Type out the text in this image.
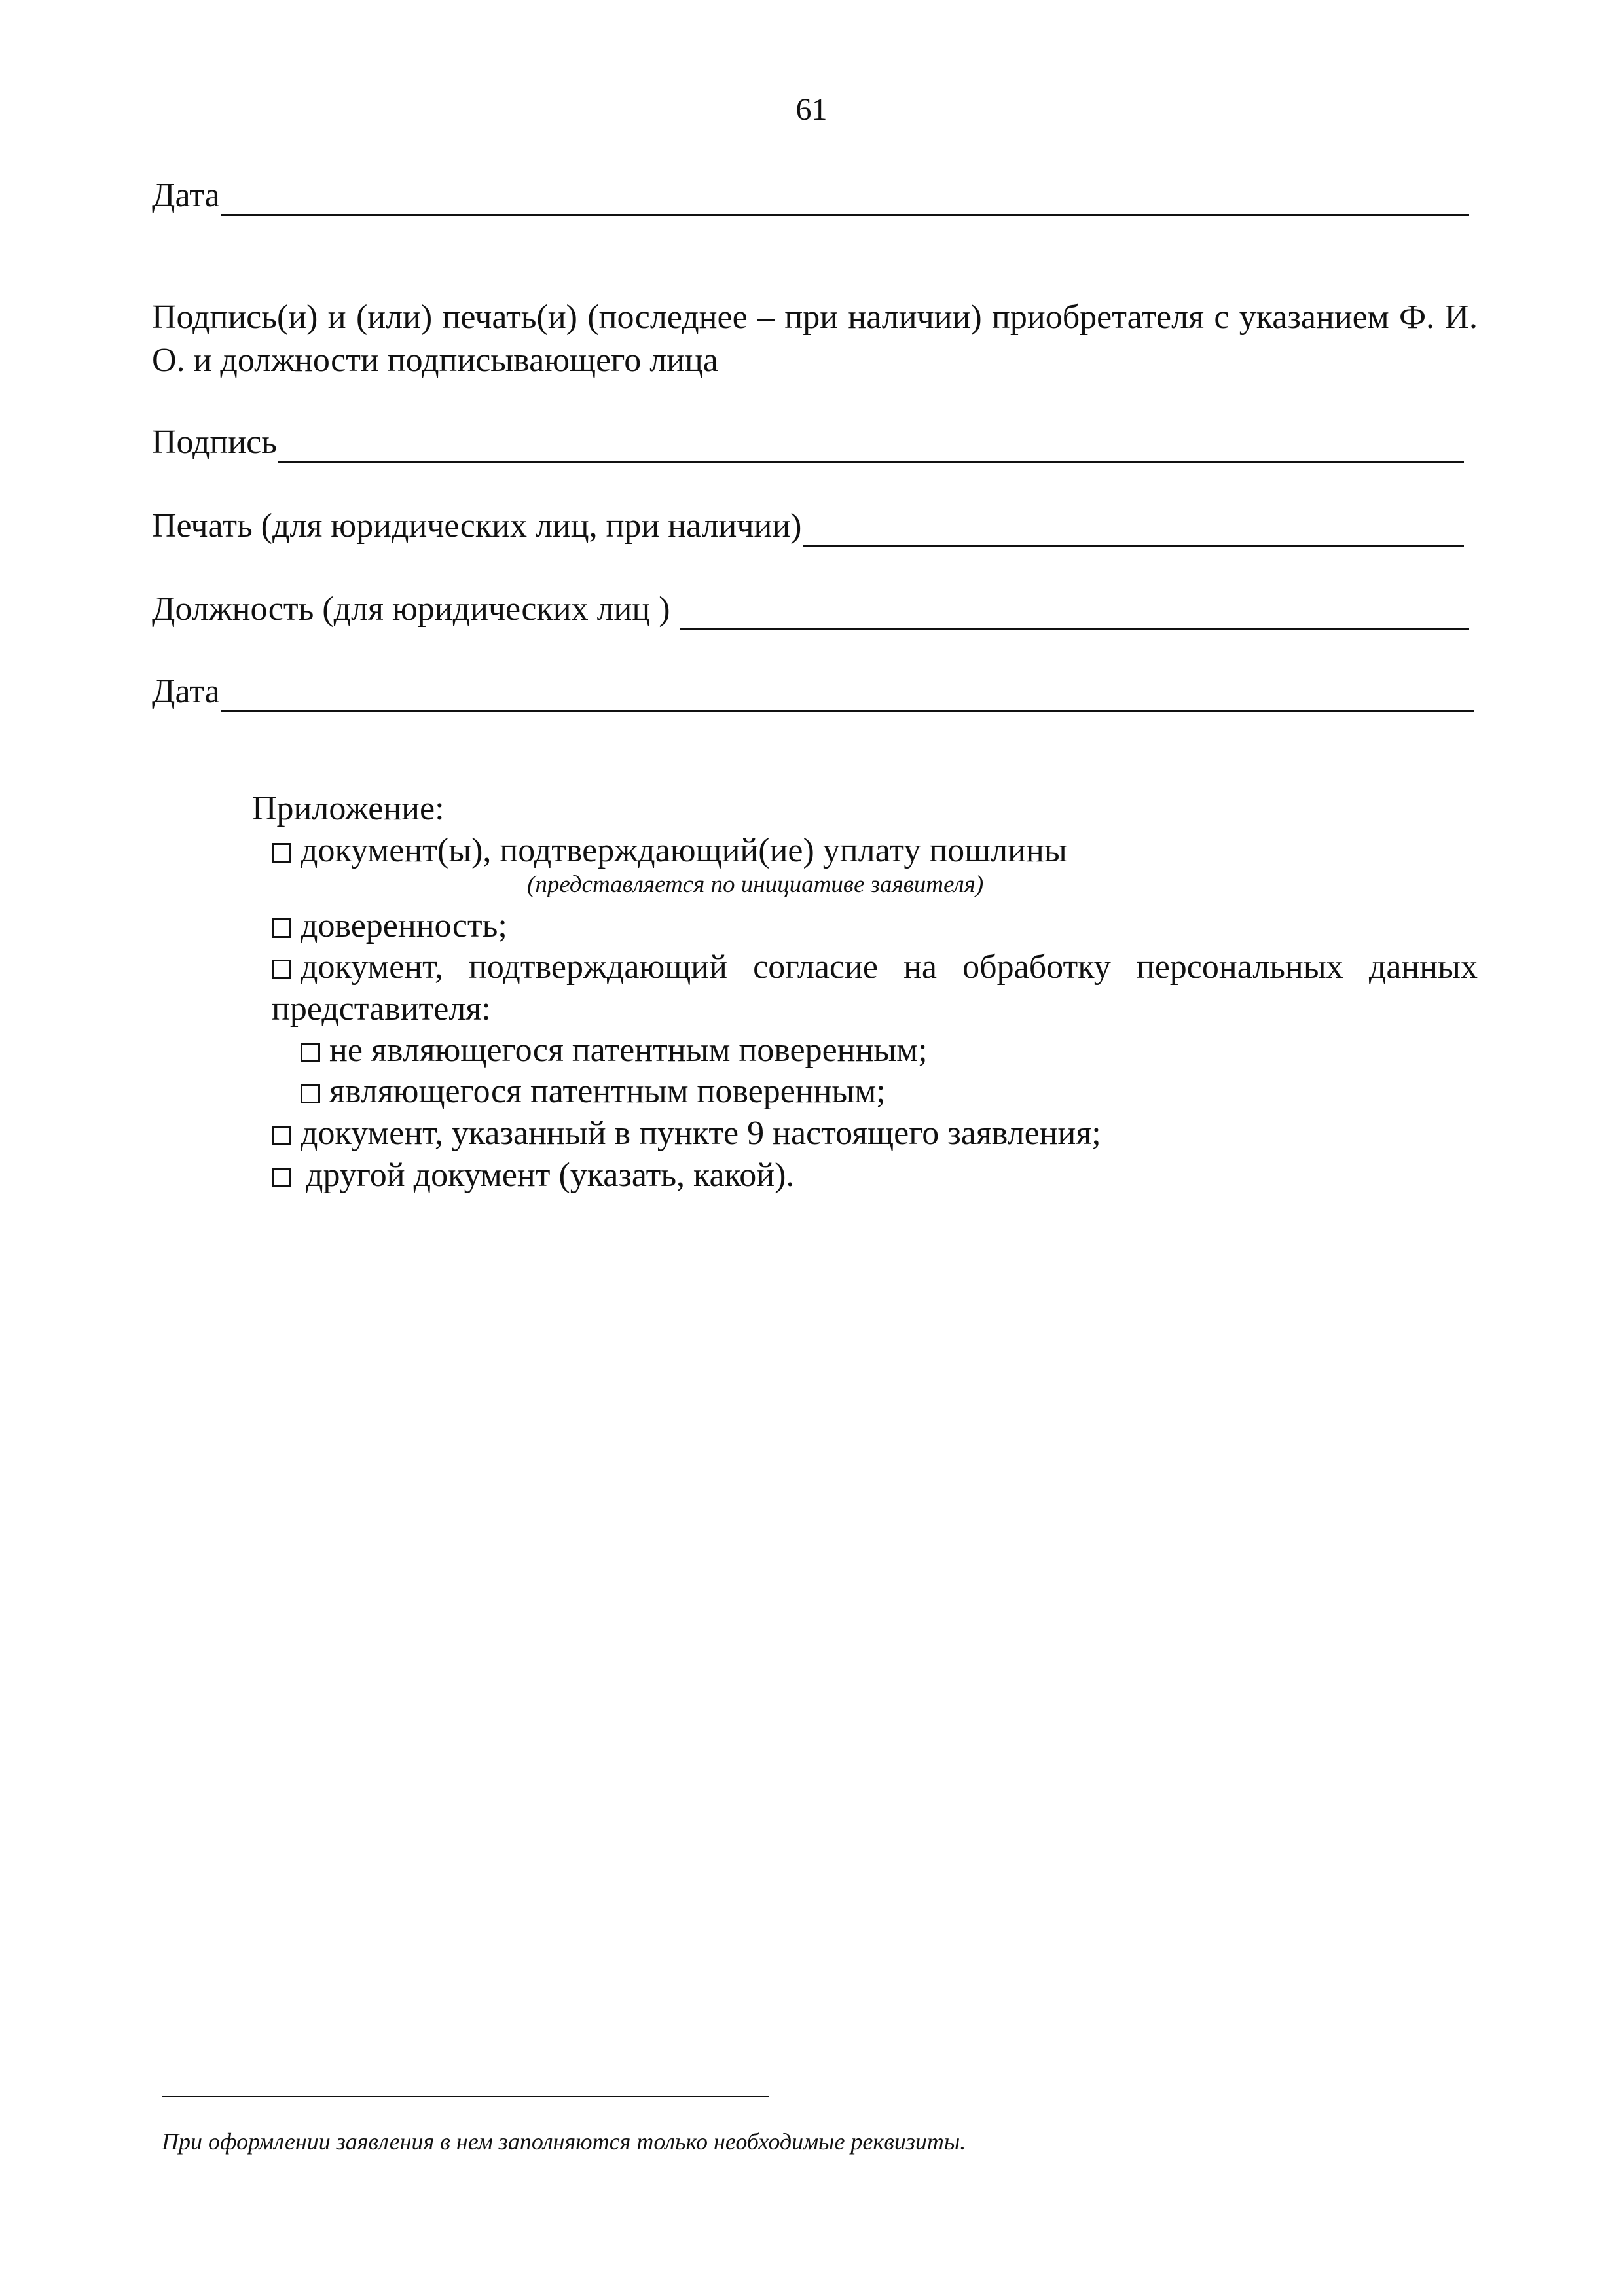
61
Дата
Подпись(и) и (или) печать(и) (последнее – при наличии) приобретателя с указанием Ф. И. О. и должности подписывающего лица
Подпись
Печать (для юридических лиц, при наличии)
Должность (для юридических лиц )
Дата
Приложение:
документ(ы), подтверждающий(ие) уплату пошлины
(представляется по инициативе заявителя)
доверенность;
документ, подтверждающий согласие на обработку персональных данных представителя:
не являющегося патентным поверенным;
являющегося патентным поверенным;
документ, указанный в пункте 9 настоящего заявления;
другой документ (указать, какой).
При оформлении заявления в нем заполняются только необходимые реквизиты.
